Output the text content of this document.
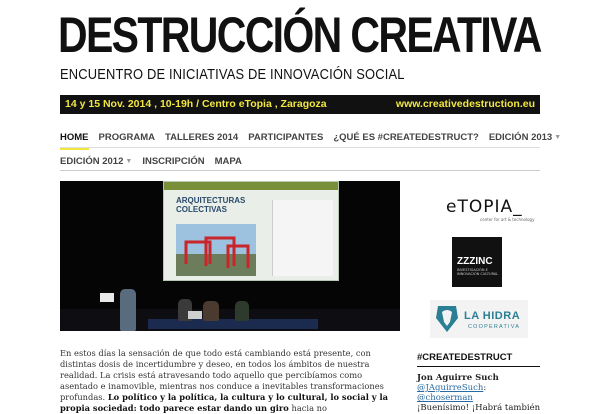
DESTRUCCIÓN CREATIVA
ENCUENTRO DE INICIATIVAS DE INNOVACIÓN SOCIAL
14 y 15 Nov. 2014 , 10-19h / Centro eTopia , Zaragoza	www.creativedestruction.eu
HOME PROGRAMA TALLERES 2014 PARTICIPANTES ¿QUÉ ES #CREATEDESTRUCT? EDICIÓN 2013 ▼
EDICIÓN 2012 ▼ INSCRIPCIÓN MAPA
ARQUITECTURAS
COLECTIVAS
En estos días la sensación de que todo está cambiando está presente, con distintas dosis de incertidumbre y deseo, en todos los ámbitos de nuestra realidad. La crisis está atravesando todo aquello que percibíamos como asentado e inamovible, mientras nos conduce a inevitables transformaciones profundas. Lo político y la política, la cultura y lo cultural, lo social y la propia sociedad: todo parece estar dando un giro hacia no
eTOPIA_
center for art & technology
ZZZINC
INVESTIGACIÓN E INNOVACIÓN CULTURAL
LA HIDRA
COOPERATIVA
#CREATEDESTRUCT
Jon Aguirre Such
@JAguirreSuch: @choserman
¡Buenísimo! ¡Habrá también
